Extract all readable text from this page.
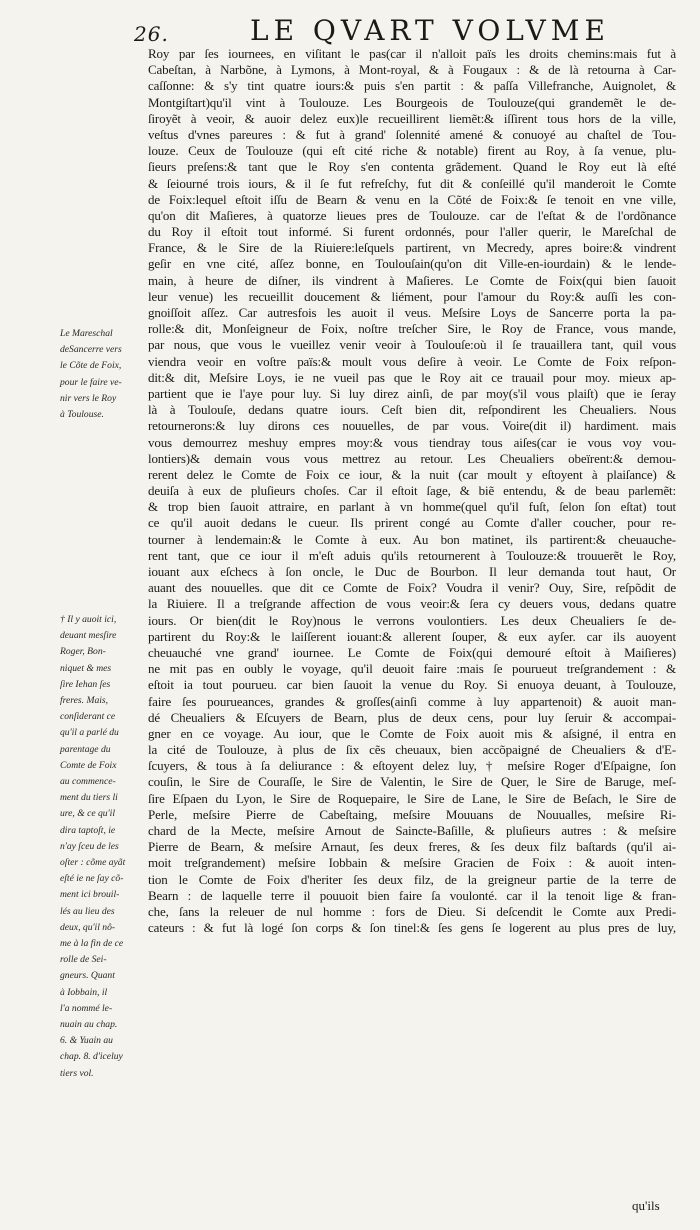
26.	LE QVART VOLVME

Le Mareschal
deSancerre vers
le Cõte de Foix,
pour le faire ve-
nir vers le Roy
à Toulouse.

† Il y auoit ici,
deuant mesſire
Roger, Bon-
niquet & mes
ſire Iehan ſes
freres. Mais,
conſiderant ce
qu'il a parlé du
parentage du
Comte de Foix
au commence-
ment du tiers li
ure, & ce qu'il
dira taptoſt, ie
n'ay ſceu de les
oſter : cõme ayãt
eſté ie ne ſay cõ-
ment ici brouil-
lés au lieu des
deux, qu'il nô-
me à la fin de ce
rolle de Sei-
gneurs. Quant
à Iobbain, il
l'a nommé le-
nuain au chap.
6. & Yuain au
chap. 8. d'iceluy
tiers vol.

Roy par ſes iournees, en viſitant le pas(car il n'alloit païs les droits chemins:mais fut à
Cabeſtan, à Narbõne, à Lymons, à Mont-royal, & à Fougaux : & de là retourna à Car-
caſſonne: & s'y tint quatre iours:& puis s'en partit : & paſſa Villefranche, Auignolet, &
Montgiſtart)qu'il vint à Toulouze. Les Bourgeois de Toulouze(qui grandemẽt le de-
ſiroyẽt à veoir, & auoir delez eux)le recueillirent liemẽt:& iſſirent tous hors de la ville,
veſtus d'vnes pareures : & fut à grand' ſolennité amené & conuoyé au chaſtel de Tou-
louze. Ceux de Toulouze (qui eſt cité riche & notable) firent au Roy, à ſa venue, plu-
ſieurs preſens:& tant que le Roy s'en contenta grãdement. Quand le Roy eut là eſté
& ſeiourné trois iours, & il ſe fut refreſchy, fut dit & conſeillé qu'il manderoit le Comte
de Foix:lequel eſtoit iſſu de Bearn & venu en la Cõté de Foix:& ſe tenoit en vne ville,
qu'on dit Maſieres, à quatorze lieues pres de Toulouze. car de l'eſtat & de l'ordõnance
du Roy il eſtoit tout informé. Si furent ordonnés, pour l'aller querir, le Mareſchal de
France, & le Sire de la Riuiere:leſquels partirent, vn Mecredy, apres boire:& vindrent
geſir en vne cité, aſſez bonne, en Toulouſain(qu'on dit Ville-en-iourdain) & le lende-
main, à heure de diſner, ils vindrent à Maſieres. Le Comte de Foix(qui bien ſauoit
leur venue) les recueillit doucement & liément, pour l'amour du Roy:& auſſi les con-
gnoiſſoit aſſez. Car autresfois les auoit il veus. Meſsire Loys de Sancerre porta la pa-
rolle:& dit, Monſeigneur de Foix, noſtre treſcher Sire, le Roy de France, vous mande,
par nous, que vous le vueillez venir veoir à Toulouſe:où il ſe trauaillera tant, quil vous
viendra veoir en voſtre païs:& moult vous deſire à veoir. Le Comte de Foix reſpon-
dit:& dit, Meſsire Loys, ie ne vueil pas que le Roy ait ce trauail pour moy. mieux ap-
partient que ie l'aye pour luy. Si luy direz ainſi, de par moy(s'il vous plaiſt) que ie ſeray
là à Toulouſe, dedans quatre iours. Ceſt bien dit, reſpondirent les Cheualiers. Nous
retournerons:& luy dirons ces nouuelles, de par vous. Voire(dit il) hardiment. mais
vous demourrez meshuy empres moy:& vous tiendray tous aiſes(car ie vous voy vou-
lontiers)& demain vous vous mettrez au retour. Les Cheualiers obeïrent:& demou-
rerent delez le Comte de Foix ce iour, & la nuit (car moult y eſtoyent à plaiſance) &
deuiſa à eux de pluſieurs choſes. Car il eſtoit ſage, & biẽ entendu, & de beau parlemẽt:
& trop bien ſauoit attraire, en parlant à vn homme(quel qu'il fuſt, ſelon ſon eſtat) tout
ce qu'il auoit dedans le cueur. Ils prirent congé au Comte d'aller coucher, pour re-
tourner à lendemain:& le Comte à eux. Au bon matinet, ils partirent:& cheuauche-
rent tant, que ce iour il m'eſt aduis qu'ils retournerent à Toulouze:& trouuerẽt le Roy,
iouant aux eſchecs à ſon oncle, le Duc de Bourbon. Il leur demanda tout haut, Or
auant des nouuelles. que dit ce Comte de Foix? Voudra il venir? Ouy, Sire, reſpõdit de
la Riuiere. Il a treſgrande affection de vous veoir:& ſera cy deuers vous, dedans quatre
iours. Or bien(dit le Roy)nous le verrons voulontiers. Les deux Cheualiers ſe de-
partirent du Roy:& le laiſſerent iouant:& allerent ſouper, & eux ayſer. car ils auoyent
cheuauché vne grand' iournee. Le Comte de Foix(qui demouré eſtoit à Maiſieres)
ne mit pas en oubly le voyage, qu'il deuoit faire :mais ſe pourueut treſgrandement : &
eſtoit ia tout pourueu. car bien ſauoit la venue du Roy. Si enuoya deuant, à Toulouze,
faire ſes pourueances, grandes & groſſes(ainſi comme à luy appartenoit) & auoit man-
dé Cheualiers & Eſcuyers de Bearn, plus de deux cens, pour luy ſeruir & accompai-
gner en ce voyage. Au iour, que le Comte de Foix auoit mis & aſsigné, il entra en
la cité de Toulouze, à plus de ſix cẽs cheuaux, bien accõpaigné de Cheualiers & d'E-
ſcuyers, & tous à ſa deliurance : & eſtoyent delez luy, † meſsire Roger d'Eſpaigne, ſon
couſin, le Sire de Couraſſe, le Sire de Valentin, le Sire de Quer, le Sire de Baruge, meſ-
ſire Eſpaen du Lyon, le Sire de Roquepaire, le Sire de Lane, le Sire de Beſach, le Sire de
Perle, meſsire Pierre de Cabeſtaing, meſsire Mouuans de Nouualles, meſsire Ri-
chard de la Mecte, meſsire Arnout de Saincte-Baſille, & pluſieurs autres : & meſsire
Pierre de Bearn, & meſsire Arnaut, ſes deux freres, & ſes deux filz baſtards (qu'il ai-
moit treſgrandement) meſsire Iobbain & meſsire Gracien de Foix : & auoit inten-
tion le Comte de Foix d'heriter ſes deux filz, de la greigneur partie de la terre de
Bearn : de laquelle terre il pouuoit bien faire ſa voulonté. car il la tenoit lige & fran-
che, ſans la releuer de nul homme : fors de Dieu. Si deſcendit le Comte aux Predi-
cateurs : & fut là logé ſon corps & ſon tinel:& ſes gens ſe logerent au plus pres de luy,
qu'ils
